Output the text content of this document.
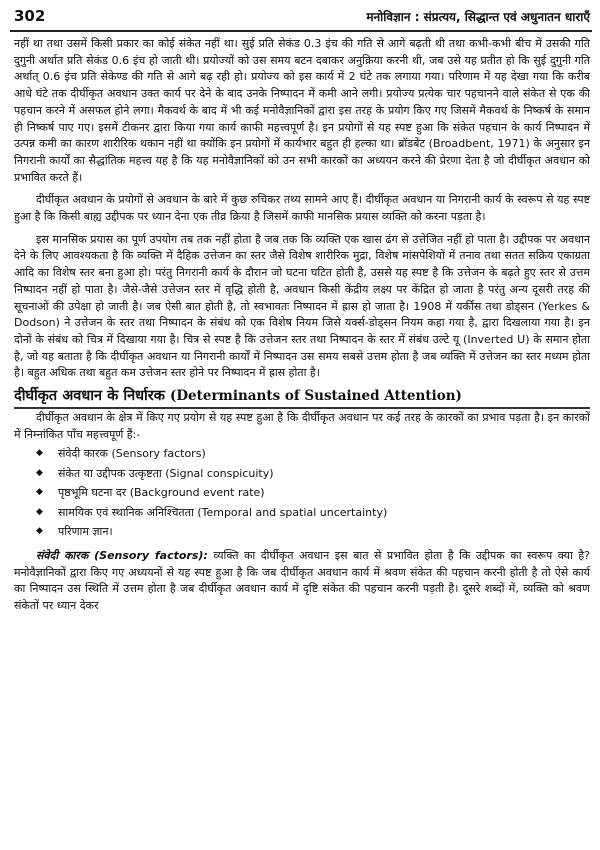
302	मनोविज्ञान : संप्रत्यय, सिद्धान्त एवं अधुनातन धाराएँ

नहीं था तथा उसमें किसी प्रकार का कोई संकेत नहीं था। सुई प्रति सेकंड 0.3 इंच की गति से आगे बढ़ती थी तथा कभी-कभी बीच में उसकी गति दुगुनी अर्थात प्रति सेकंड 0.6 इंच हो जाती थी। प्रयोज्यों को उस समय बटन दबाकर अनुक्रिया करनी थी, जब उसे यह प्रतीत हो कि सुई दुगुनी गति अर्थात् 0.6 इंच प्रति सेकेण्ड की गति से आगे बढ़ रही हो। प्रयोज्य को इस कार्य में 2 घंटे तक लगाया गया। परिणाम में यह देखा गया कि करीब आधे घंटे तक दीर्घीकृत अवधान उक्त कार्य पर देने के बाद उनके निष्पादन में कमी आने लगी। प्रयोज्य प्रत्येक चार पहचानने वाले संकेत से एक की पहचान करने में असफल होने लगा। मैकवर्थ के बाद में भी कई मनोवैज्ञानिकों द्वारा इस तरह के प्रयोग किए गए जिसमें मैकवर्थ के निष्कर्ष के समान ही निष्कर्ष पाए गए। इसमें टीकनर द्वारा किया गया कार्य काफी महत्त्वपूर्ण है। इन प्रयोगों से यह स्पष्ट हुआ कि संकेत पहचान के कार्य निष्पादन में उत्पन्न कमी का कारण शारीरिक थकान नहीं था क्योंकि इन प्रयोगों में कार्यभार बहुत ही हल्का था। ब्रॉडबेंट (Broadbent, 1971) के अनुसार इन निगरानी कार्यों का सैद्धांतिक महत्त्व यह है कि यह मनोवैज्ञानिकों को उन सभी कारकों का अध्ययन करने की प्रेरणा देता है जो दीर्घीकृत अवधान को प्रभावित करते हैं।

दीर्घीकृत अवधान के प्रयोगों से अवधान के बारे में कुछ रुचिकर तथ्य सामने आए हैं। दीर्घीकृत अवधान या निगरानी कार्य के स्वरूप से यह स्पष्ट हुआ है कि किसी बाह्य उद्दीपक पर ध्यान देना एक तीव्र क्रिया है जिसमें काफी मानसिक प्रयास व्यक्ति को करना पड़ता है।

इस मानसिक प्रयास का पूर्ण उपयोग तब तक नहीं होता है जब तक कि व्यक्ति एक खास ढंग से उत्तेजित नहीं हो पाता है। उद्दीपक पर अवधान देने के लिए आवश्यकता है कि व्यक्ति में दैहिक उत्तेजन का स्तर जैसे विशेष शारीरिक मुद्रा, विशेष मांसपेशियों में तनाव तथा सतत सक्रिय एकाग्रता आदि का विशेष स्तर बना हुआ हो। परंतु निगरानी कार्य के दौरान जो घटना घटित होती है, उससे यह स्पष्ट है कि उत्तेजन के बढ़ते हुए स्तर से उत्तम निष्पादन नहीं हो पाता है। जैसे-जैसे उत्तेजन स्तर में वृद्धि होती है, अवधान किसी केंद्रीय लक्ष्य पर केंद्रित हो जाता है परंतु अन्य दूसरी तरह की सूचनाओं की उपेक्षा हो जाती है। जब ऐसी बात होती है, तो स्वभावतः निष्पादन में ह्रास हो जाता है। 1908 में यर्कीस तथा डोड्सन (Yerkes & Dodson) ने उत्तेजन के स्तर तथा निष्पादन के संबंध को एक विशेष नियम जिसे यर्क्स-डोड्सन नियम कहा गया है, द्वारा दिखलाया गया है। इन दोनों के संबंध को चित्र में दिखाया गया है। चित्र से स्पष्ट है कि उत्तेजन स्तर तथा निष्पादन के स्तर में संबंध उल्टे यू (Inverted U) के समान होता है, जो यह बताता है कि दीर्घीकृत अवधान या निगरानी कार्यों में निष्पादन उस समय सबसे उत्तम होता है जब व्यक्ति में उत्तेजन का स्तर मध्यम होता है। बहुत अधिक तथा बहुत कम उत्तेजन स्तर होने पर निष्पादन में ह्रास होता है।

दीर्घीकृत अवधान के निर्धारक (Determinants of Sustained Attention)

दीर्घीकृत अवधान के क्षेत्र में किए गए प्रयोग से यह स्पष्ट हुआ है कि दीर्घीकृत अवधान पर कई तरह के कारकों का प्रभाव पड़ता है। इन कारकों में निम्नांकित पाँच महत्त्वपूर्ण हैं:-

◆ संवेदी कारक (Sensory factors)
◆ संकेत या उद्दीपक उत्कृष्टता (Signal conspicuity)
◆ पृष्ठभूमि घटना दर (Background event rate)
◆ सामयिक एवं स्थानिक अनिश्चितता (Temporal and spatial uncertainty)
◆ परिणाम ज्ञान।

संवेदी कारक (Sensory factors): व्यक्ति का दीर्घीकृत अवधान इस बात से प्रभावित होता है कि उद्दीपक का स्वरूप क्या है? मनोवैज्ञानिकों द्वारा किए गए अध्ययनों से यह स्पष्ट हुआ है कि जब दीर्घीकृत अवधान कार्य में श्रवण संकेत की पहचान करनी होती है तो ऐसे कार्य का निष्पादन उस स्थिति में उत्तम होता है जब दीर्घीकृत अवधान कार्य में दृष्टि संकेत की पहचान करनी पड़ती है। दूसरे शब्दों में, व्यक्ति को श्रवण संकेतों पर ध्यान देकर
